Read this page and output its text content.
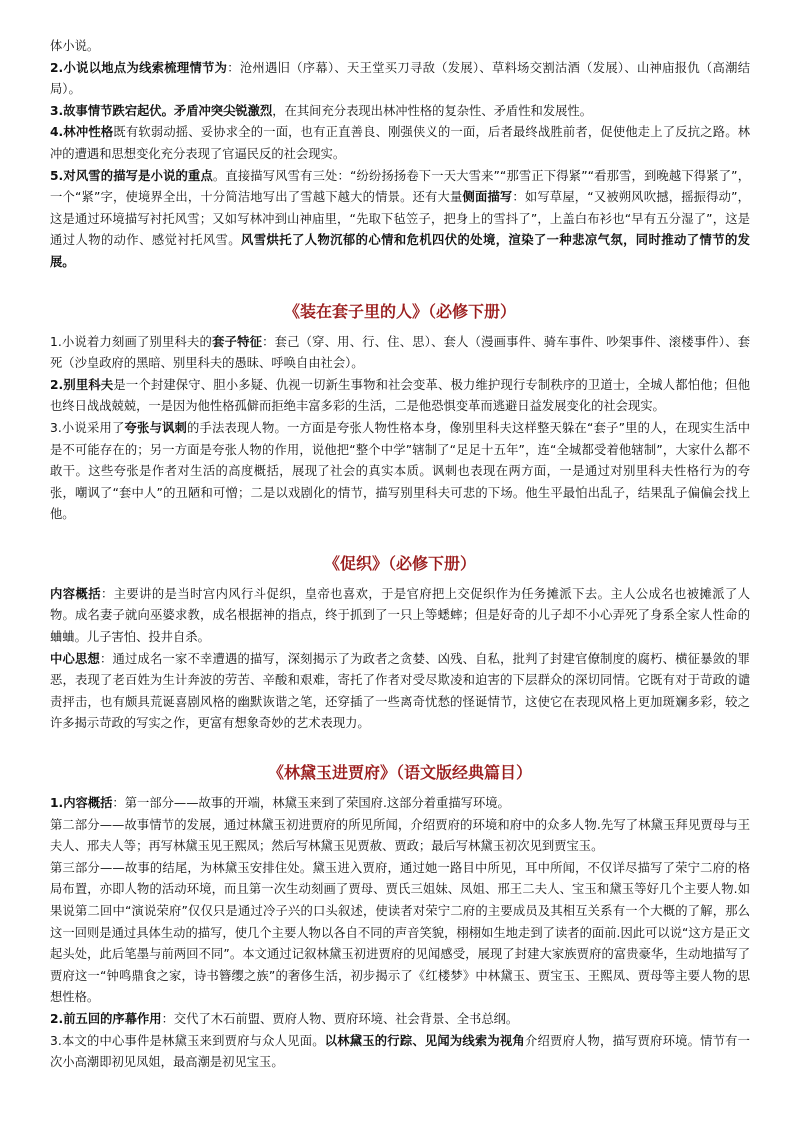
体小说。

2.小说以地点为线索梳理情节为：沧州遇旧（序幕）、天王堂买刀寻敌（发展）、草料场交割沽酒（发展）、山神庙报仇（高潮结局）。

3.故事情节跌宕起伏。矛盾冲突尖锐激烈，在其间充分表现出林冲性格的复杂性、矛盾性和发展性。

4.林冲性格既有软弱动摇、妥协求全的一面，也有正直善良、刚强侠义的一面，后者最终战胜前者，促使他走上了反抗之路。林冲的遭遇和思想变化充分表现了官逼民反的社会现实。

5.对风雪的描写是小说的重点。直接描写风雪有三处：“纷纷扬扬卷下一天大雪来”“那雪正下得紧”“看那雪，到晚越下得紧了”，一个“紧”字，使境界全出，十分简洁地写出了雪越下越大的情景。还有大量侧面描写：如写草屋，“又被朔风吹撼，摇振得动”，这是通过环境描写衬托风雪；又如写林冲到山神庙里，“先取下毡笠子，把身上的雪抖了”，上盖白布衫也“早有五分湿了”，这是通过人物的动作、感觉衬托风雪。风雪烘托了人物沉郁的心情和危机四伏的处境，渲染了一种悲凉气氛，同时推动了情节的发展。

《装在套子里的人》（必修下册）

1.小说着力刻画了别里科夫的套子特征：套己（穿、用、行、住、思）、套人（漫画事件、骑车事件、吵架事件、滚楼事件）、套死（沙皇政府的黑暗、别里科夫的愚昧、呼唤自由社会）。

2.别里科夫是一个封建保守、胆小多疑、仇视一切新生事物和社会变革、极力维护现行专制秩序的卫道士，全城人都怕他；但他也终日战战兢兢，一是因为他性格孤僻而拒绝丰富多彩的生活，二是他恐惧变革而逃避日益发展变化的社会现实。

3.小说采用了夸张与讽刺的手法表现人物。一方面是夸张人物性格本身，像别里科夫这样整天躲在“套子”里的人，在现实生活中是不可能存在的；另一方面是夸张人物的作用，说他把“整个中学”辖制了“足足十五年”，连“全城都受着他辖制”，大家什么都不敢干。这些夸张是作者对生活的高度概括，展现了社会的真实本质。讽刺也表现在两方面，一是通过对别里科夫性格行为的夸张，嘲讽了“套中人”的丑陋和可憎；二是以戏剧化的情节，描写别里科夫可悲的下场。他生平最怕出乱子，结果乱子偏偏会找上他。

《促织》（必修下册）

内容概括：主要讲的是当时宫内风行斗促织，皇帝也喜欢，于是官府把上交促织作为任务摊派下去。主人公成名也被摊派了人物。成名妻子就向巫婆求教，成名根据神的指点，终于抓到了一只上等蟋蟀；但是好奇的儿子却不小心弄死了身系全家人性命的蛐蛐。儿子害怕、投井自杀。

中心思想：通过成名一家不幸遭遇的描写，深刻揭示了为政者之贪婪、凶残、自私，批判了封建官僚制度的腐朽、横征暴敛的罪恶，表现了老百姓为生计奔波的劳苦、辛酸和艰难，寄托了作者对受尽欺凌和迫害的下层群众的深切同情。它既有对于苛政的谴责抨击，也有颇具荒诞喜剧风格的幽默诙谐之笔，还穿插了一些离奇忧愁的怪诞情节，这使它在表现风格上更加斑斓多彩，较之许多揭示苛政的写实之作，更富有想象奇妙的艺术表现力。

《林黛玉进贾府》（语文版经典篇目）

1.内容概括：第一部分——故事的开端，林黛玉来到了荣国府.这部分着重描写环境。

第二部分——故事情节的发展，通过林黛玉初进贾府的所见所闻，介绍贾府的环境和府中的众多人物.先写了林黛玉拜见贾母与王夫人、邢夫人等；再写林黛玉见王熙凤；然后写林黛玉见贾赦、贾政；最后写林黛玉初次见到贾宝玉。

第三部分——故事的结尾，为林黛玉安排住处。黛玉进入贾府，通过她一路目中所见，耳中所闻，不仅详尽描写了荣宁二府的格局布置，亦即人物的活动环境，而且第一次生动刻画了贾母、贾氏三姐妹、凤姐、邢王二夫人、宝玉和黛玉等好几个主要人物.如果说第二回中“演说荣府”仅仅只是通过冷子兴的口头叙述，使读者对荣宁二府的主要成员及其相互关系有一个大概的了解，那么这一回则是通过具体生动的描写，使几个主要人物以各自不同的声音笑貌，栩栩如生地走到了读者的面前.因此可以说“这方是正文起头处，此后笔墨与前两回不同”。本文通过记叙林黛玉初进贾府的见闻感受，展现了封建大家族贾府的富贵豪华，生动地描写了贾府这一“钟鸣鼎食之家，诗书簪缨之族”的奢侈生活，初步揭示了《红楼梦》中林黛玉、贾宝玉、王熙凤、贾母等主要人物的思想性格。

2.前五回的序幕作用：交代了木石前盟、贾府人物、贾府环境、社会背景、全书总纲。

3.本文的中心事件是林黛玉来到贾府与众人见面。以林黛玉的行踪、见闻为线索为视角介绍贾府人物，描写贾府环境。情节有一次小高潮即初见凤姐，最高潮是初见宝玉。
